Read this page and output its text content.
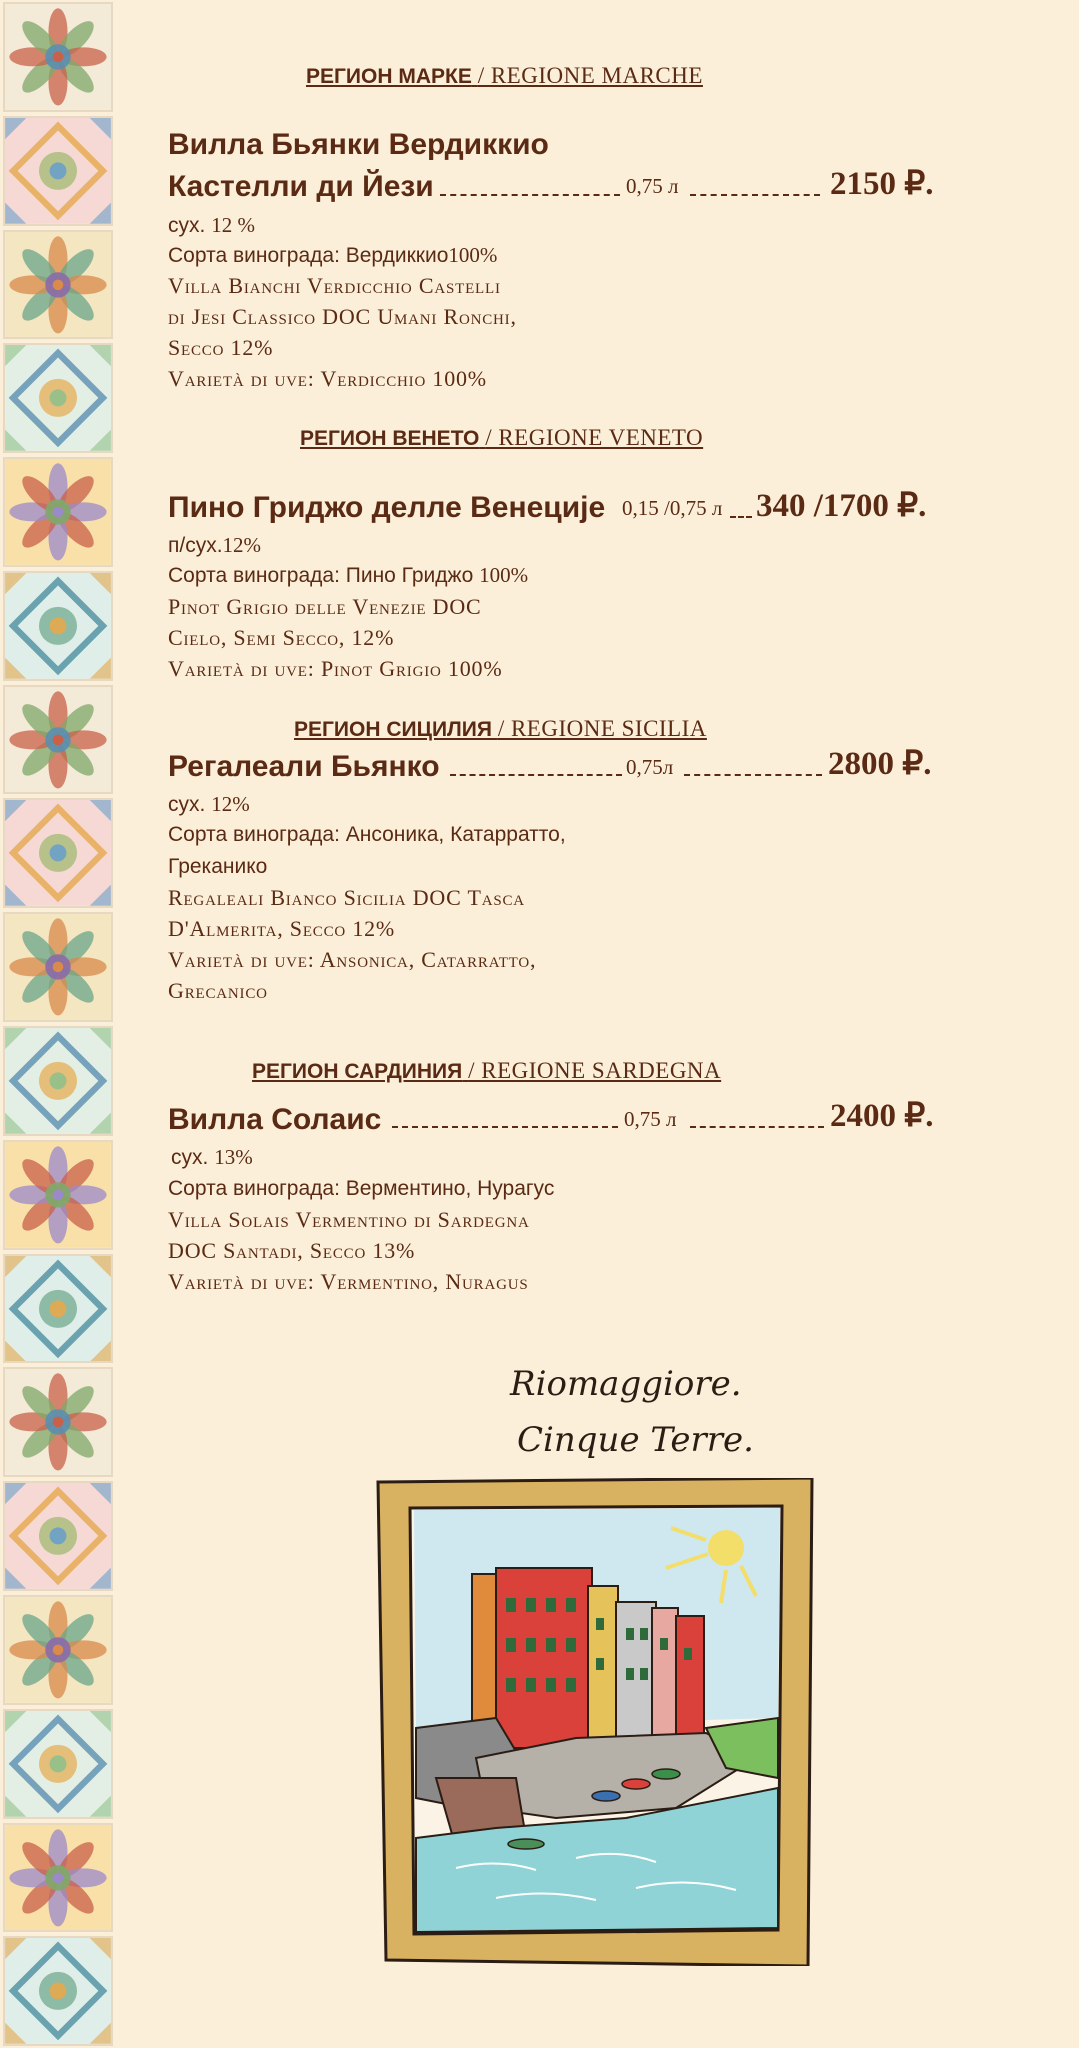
РЕГИОН МАРКЕ / REGIONE MARCHE
Вилла Бьянки Вердиккио
Кастелли ди Йези	0,75 л	2150 ₽.
сух. 12 %
Сорта винограда: Вердиккио100%
Villa Bianchi Verdicchio Castelli
di Jesi Classico DOC Umani Ronchi,
Secco 12%
Varietà di uve: Verdicchio 100%
РЕГИОН ВЕНЕТО / REGIONE VENETO
Пино Гриджо делле Венеције 0,15 /0,75 л 340 /1700 ₽.
п/сух.12%
Сорта винограда: Пино Гриджо 100%
Pinot Grigio delle Venezie DOC
Cielo, Semi Secco, 12%
Varietà di uve: Pinot Grigio 100%
РЕГИОН СИЦИЛИЯ / REGIONE SICILIA
Регалеали Бьянко	0,75л	2800 ₽.
сух. 12%
Сорта винограда: Ансоника, Катарратто,
Греканико
Regaleali Bianco Sicilia DOC Tasca
D'Almerita, Secco 12%
Varietà di uve: Ansonica, Catarratto,
Grecanico
РЕГИОН САРДИНИЯ / REGIONE SARDEGNA
Вилла Солаис	0,75 л	2400 ₽.
сух. 13%
Сорта винограда: Верментино, Нурагус
Villa Solais Vermentino di Sardegna
DOC Santadi, Secco 13%
Varietà di uve: Vermentino, Nuragus
Riomaggiore.
Cinque Terre.
